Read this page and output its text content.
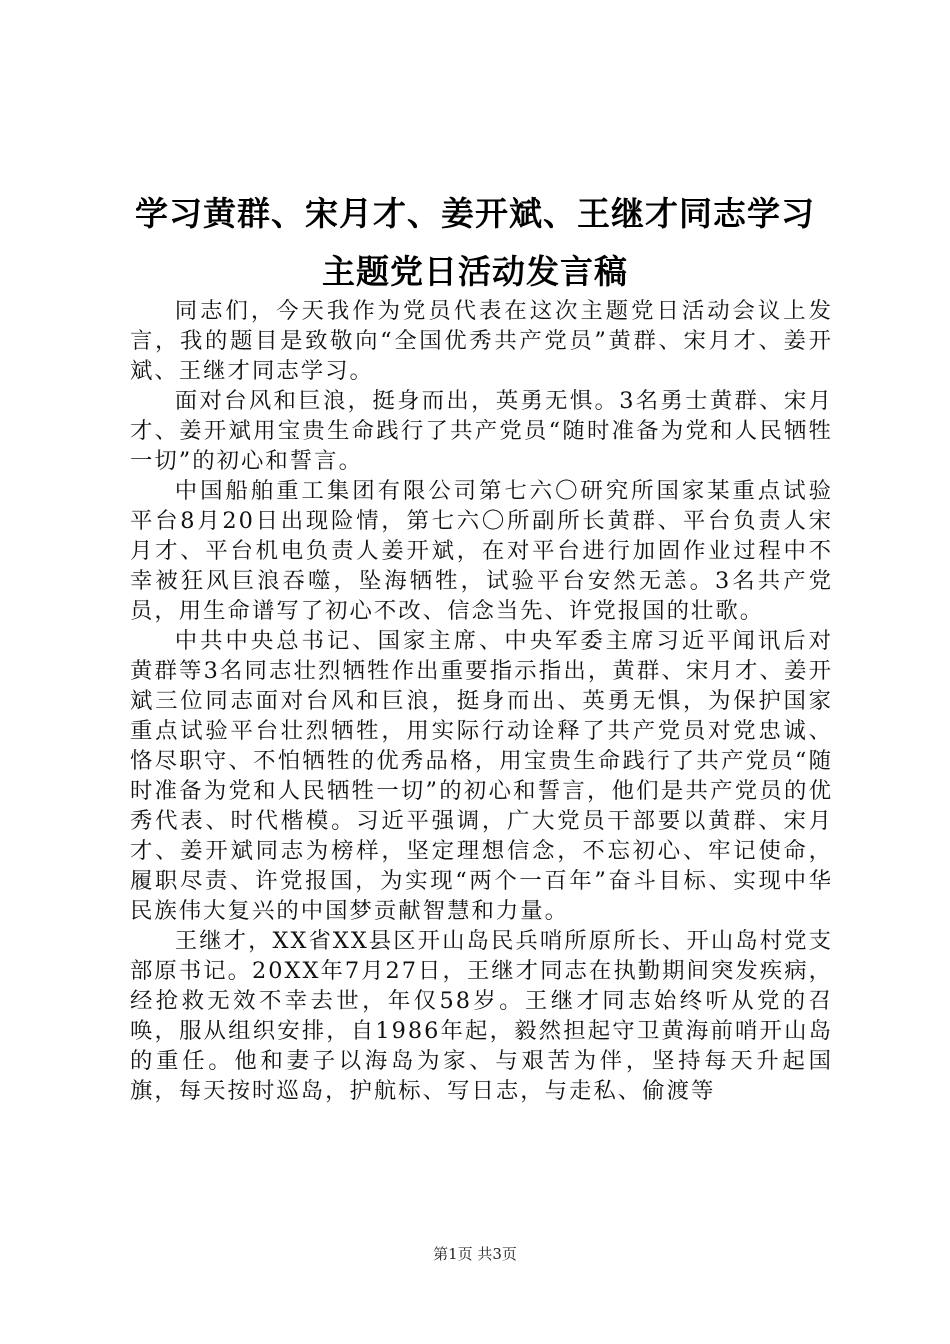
学习黄群、宋月才、姜开斌、王继才同志学习
主题党日活动发言稿

同志们，今天我作为党员代表在这次主题党日活动会议上发言，我的题目是致敬向“全国优秀共产党员”黄群、宋月才、姜开斌、王继才同志学习。

面对台风和巨浪，挺身而出，英勇无惧。3名勇士黄群、宋月才、姜开斌用宝贵生命践行了共产党员“随时准备为党和人民牺牲一切”的初心和誓言。

中国船舶重工集团有限公司第七六〇研究所国家某重点试验平台8月20日出现险情，第七六〇所副所长黄群、平台负责人宋月才、平台机电负责人姜开斌，在对平台进行加固作业过程中不幸被狂风巨浪吞噬，坠海牺牲，试验平台安然无恙。3名共产党员，用生命谱写了初心不改、信念当先、许党报国的壮歌。

中共中央总书记、国家主席、中央军委主席习近平闻讯后对黄群等3名同志壮烈牺牲作出重要指示指出，黄群、宋月才、姜开斌三位同志面对台风和巨浪，挺身而出、英勇无惧，为保护国家重点试验平台壮烈牺牲，用实际行动诠释了共产党员对党忠诚、恪尽职守、不怕牺牲的优秀品格，用宝贵生命践行了共产党员“随时准备为党和人民牺牲一切”的初心和誓言，他们是共产党员的优秀代表、时代楷模。习近平强调，广大党员干部要以黄群、宋月才、姜开斌同志为榜样，坚定理想信念，不忘初心、牢记使命，履职尽责、许党报国，为实现“两个一百年”奋斗目标、实现中华民族伟大复兴的中国梦贡献智慧和力量。

王继才，XX省XX县区开山岛民兵哨所原所长、开山岛村党支部原书记。20XX年7月27日，王继才同志在执勤期间突发疾病，经抢救无效不幸去世，年仅58岁。王继才同志始终听从党的召唤，服从组织安排，自1986年起，毅然担起守卫黄海前哨开山岛的重任。他和妻子以海岛为家、与艰苦为伴，坚持每天升起国旗，每天按时巡岛，护航标、写日志，与走私、偷渡等

第1页 共3页
